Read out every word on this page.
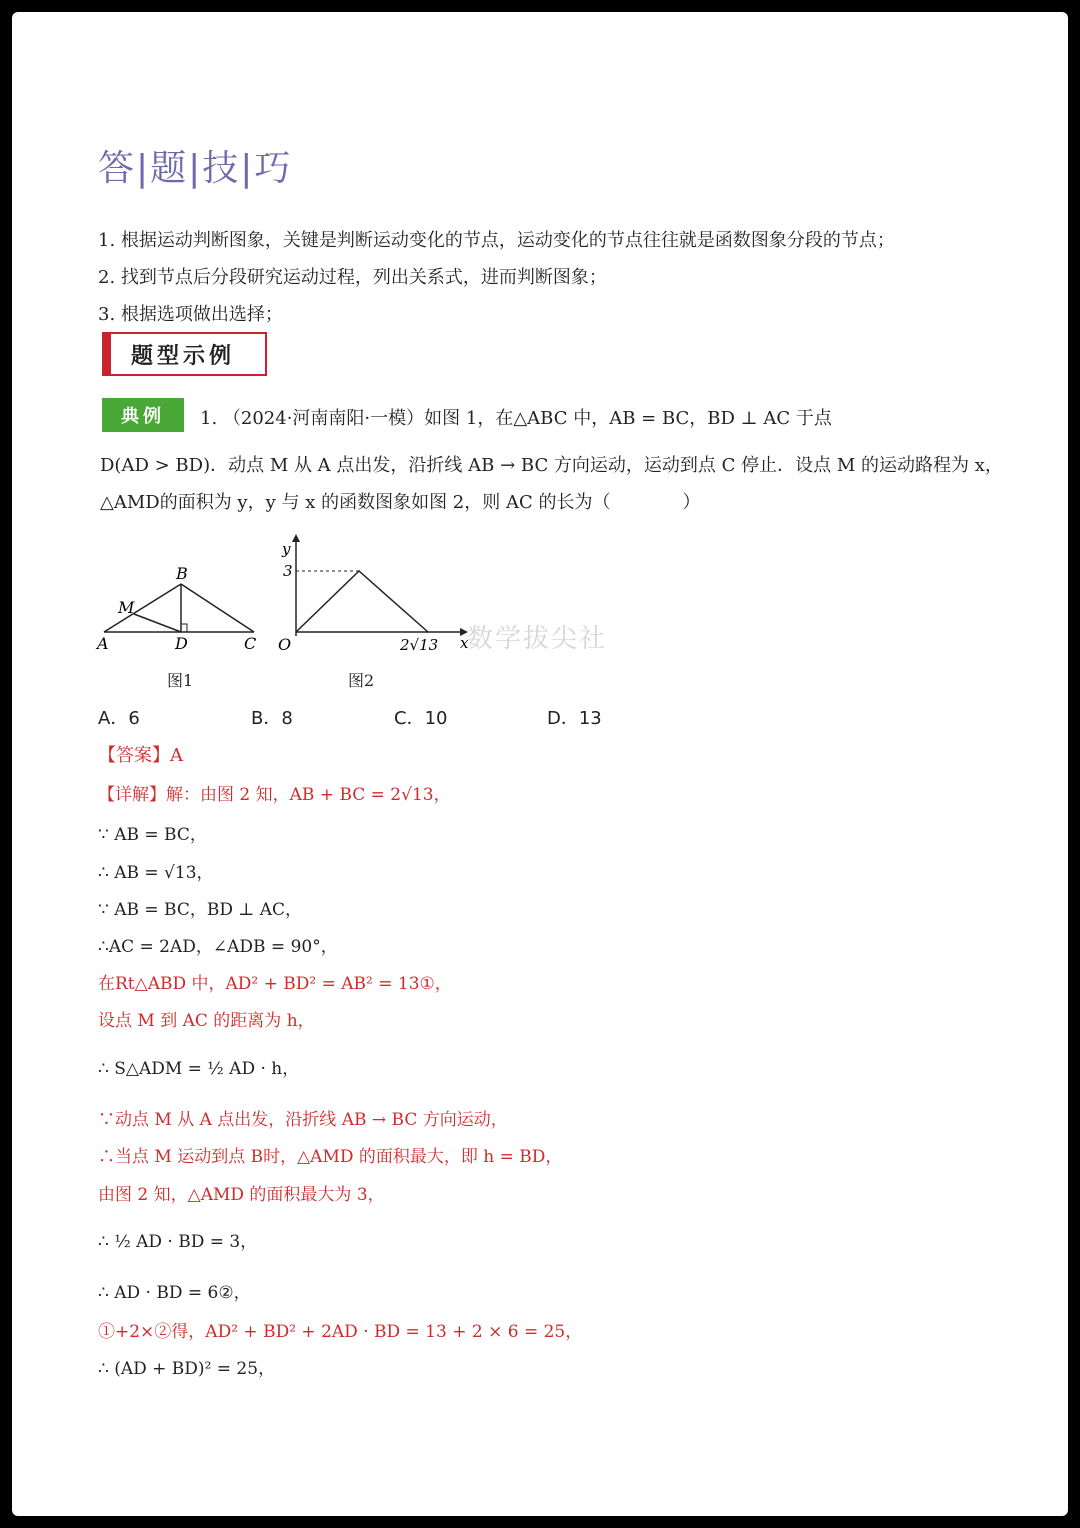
答|题|技|巧
1. 根据运动判断图象，关键是判断运动变化的节点，运动变化的节点往往就是函数图象分段的节点；
2. 找到节点后分段研究运动过程，列出关系式，进而判断图象；
3. 根据选项做出选择；
题型示例
典例	1. （2024·河南南阳·一模）如图 1，在△ABC 中，AB = BC，BD ⊥ AC 于点
D(AD > BD)．动点 M 从 A 点出发，沿折线 AB → BC 方向运动，运动到点 C 停止．设点 M 的运动路程为 x，
△AMD的面积为 y，y 与 x 的函数图象如图 2，则 AC 的长为（　　　　）
A
B
C
D
M
图1
y
x
O
3
2√13
图2
数学拔尖社
A．6	B．8	C．10	D．13
【答案】A
【详解】解：由图 2 知，AB + BC = 2√13，
∵ AB = BC，
∴ AB = √13，
∵ AB = BC，BD ⊥ AC，
∴AC = 2AD，∠ADB = 90°，
在Rt△ABD 中，AD² + BD² = AB² = 13①，
设点 M 到 AC 的距离为 h，
∴ S△ADM = ½ AD · h，
∵动点 M 从 A 点出发，沿折线 AB → BC 方向运动，
∴当点 M 运动到点 B时，△AMD 的面积最大，即 h = BD，
由图 2 知，△AMD 的面积最大为 3，
∴ ½ AD · BD = 3，
∴ AD · BD = 6②，
①+2×②得，AD² + BD² + 2AD · BD = 13 + 2 × 6 = 25，
∴ (AD + BD)² = 25，
